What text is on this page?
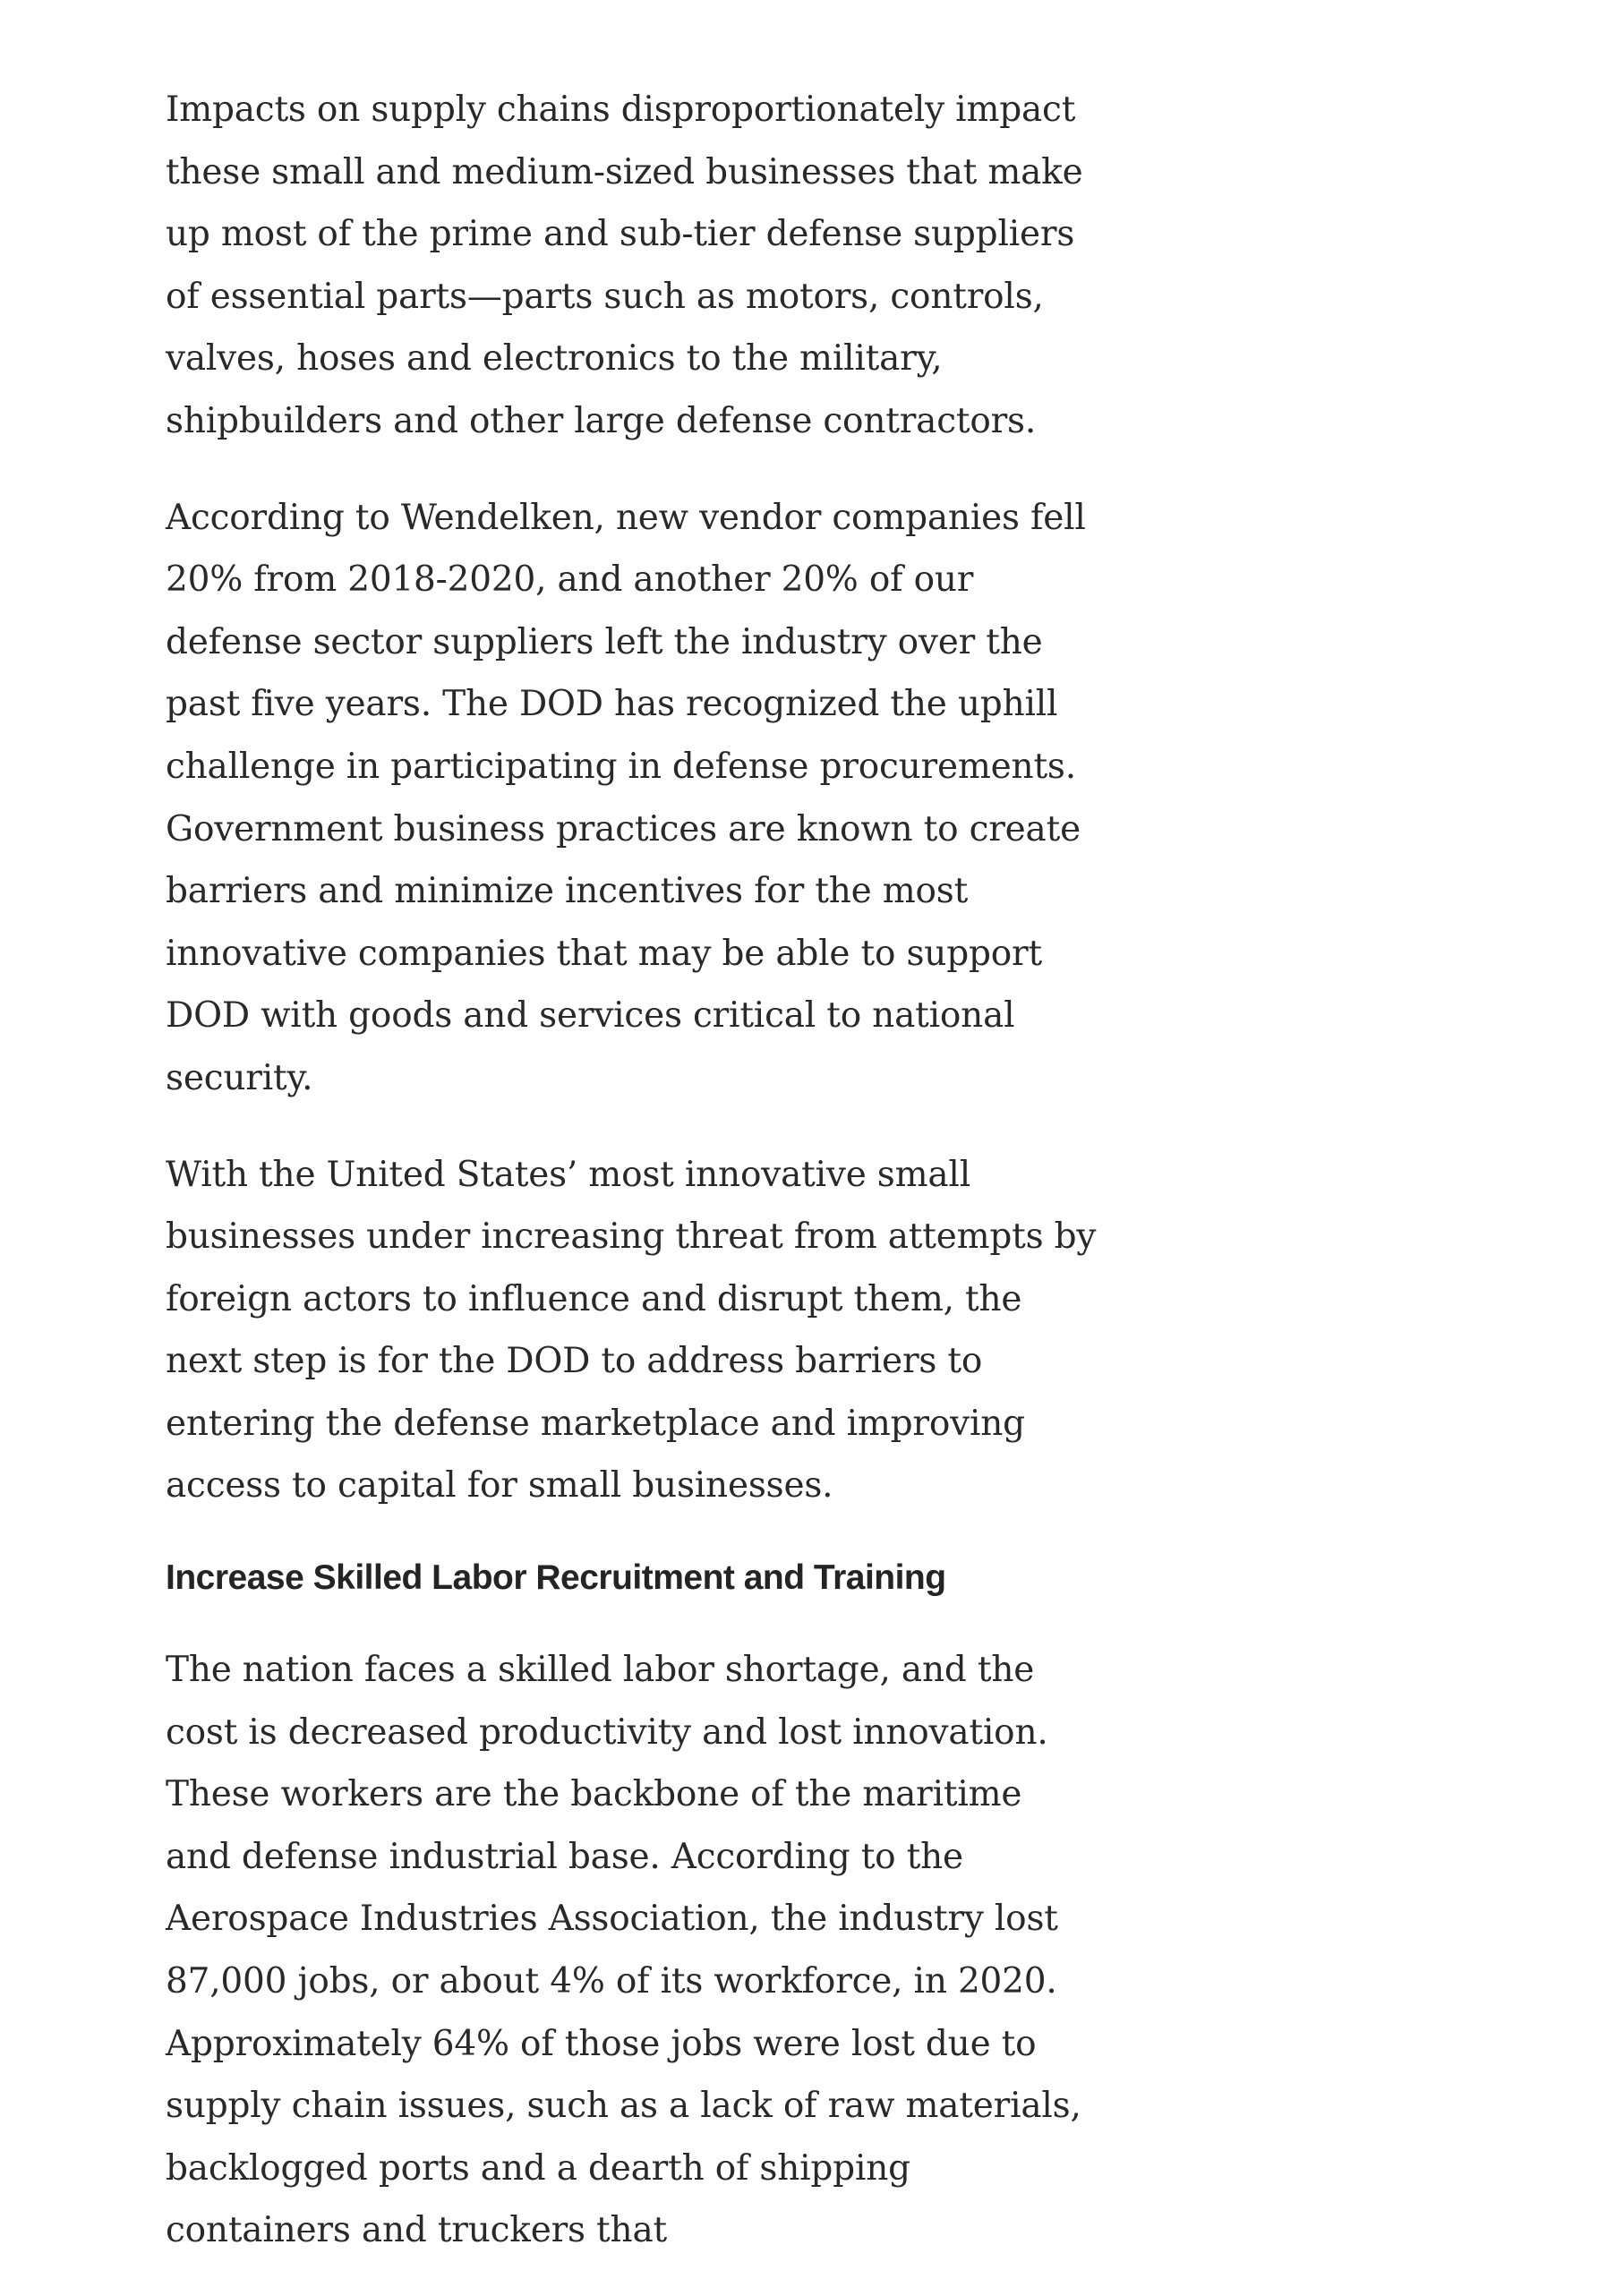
Impacts on supply chains disproportionately impact these small and medium-sized businesses that make up most of the prime and sub-tier defense suppliers of essential parts—parts such as motors, controls, valves, hoses and electronics to the military, shipbuilders and other large defense contractors.

According to Wendelken, new vendor companies fell 20% from 2018-2020, and another 20% of our defense sector suppliers left the industry over the past five years. The DOD has recognized the uphill challenge in participating in defense procurements. Government business practices are known to create barriers and minimize incentives for the most innovative companies that may be able to support DOD with goods and services critical to national security.

With the United States’ most innovative small businesses under increasing threat from attempts by foreign actors to influence and disrupt them, the next step is for the DOD to address barriers to entering the defense marketplace and improving access to capital for small businesses.

Increase Skilled Labor Recruitment and Training

The nation faces a skilled labor shortage, and the cost is decreased productivity and lost innovation. These workers are the backbone of the maritime and defense industrial base. According to the Aerospace Industries Association, the industry lost 87,000 jobs, or about 4% of its workforce, in 2020. Approximately 64% of those jobs were lost due to supply chain issues, such as a lack of raw materials, backlogged ports and a dearth of shipping containers and truckers that
